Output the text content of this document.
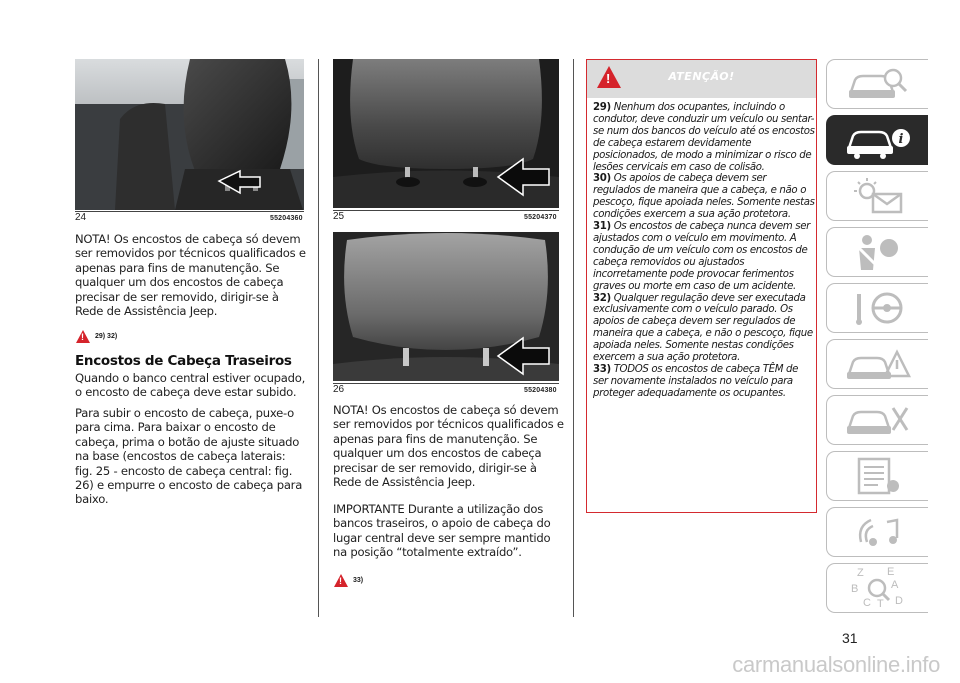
24	55204360
NOTA! Os encostos de cabeça só devem ser removidos por técnicos qualificados e apenas para fins de manutenção. Se qualquer um dos encostos de cabeça precisar de ser removido, dirigir-se à Rede de Assistência Jeep.
!
29) 32)
Encostos de Cabeça Traseiros
Quando o banco central estiver ocupado, o encosto de cabeça deve estar subido.
Para subir o encosto de cabeça, puxe-o para cima. Para baixar o encosto de cabeça, prima o botão de ajuste situado na base (encostos de cabeça laterais: fig. 25 - encosto de cabeça central: fig. 26) e empurre o encosto de cabeça para baixo.
25	55204370
26	55204380
NOTA! Os encostos de cabeça só devem ser removidos por técnicos qualificados e apenas para fins de manutenção. Se qualquer um dos encostos de cabeça precisar de ser removido, dirigir-se à Rede de Assistência Jeep.
IMPORTANTE Durante a utilização dos bancos traseiros, o apoio de cabeça do lugar central deve ser sempre mantido na posição “totalmente extraído”.
!
33)
!
ATENÇÃO!

29) Nenhum dos ocupantes, incluindo o condutor, deve conduzir um veículo ou sentar-se num dos bancos do veículo até os encostos de cabeça estarem devidamente posicionados, de modo a minimizar o risco de lesões cervicais em caso de colisão.

30) Os apoios de cabeça devem ser regulados de maneira que a cabeça, e não o pescoço, fique apoiada neles. Somente nestas condições exercem a sua ação protetora.

31) Os encostos de cabeça nunca devem ser ajustados com o veículo em movimento. A condução de um veículo com os encostos de cabeça removidos ou ajustados incorretamente pode provocar ferimentos graves ou morte em caso de um acidente.

32) Qualquer regulação deve ser executada exclusivamente com o veículo parado. Os apoios de cabeça devem ser regulados de maneira que a cabeça, e não o pescoço, fique apoiada neles. Somente nestas condições exercem a sua ação protetora.

33) TODOS os encostos de cabeça TÊM de ser novamente instalados no veículo para proteger adequadamente os ocupantes.

i
Z E
B	A
C T D
31
carmanualsonline.info
